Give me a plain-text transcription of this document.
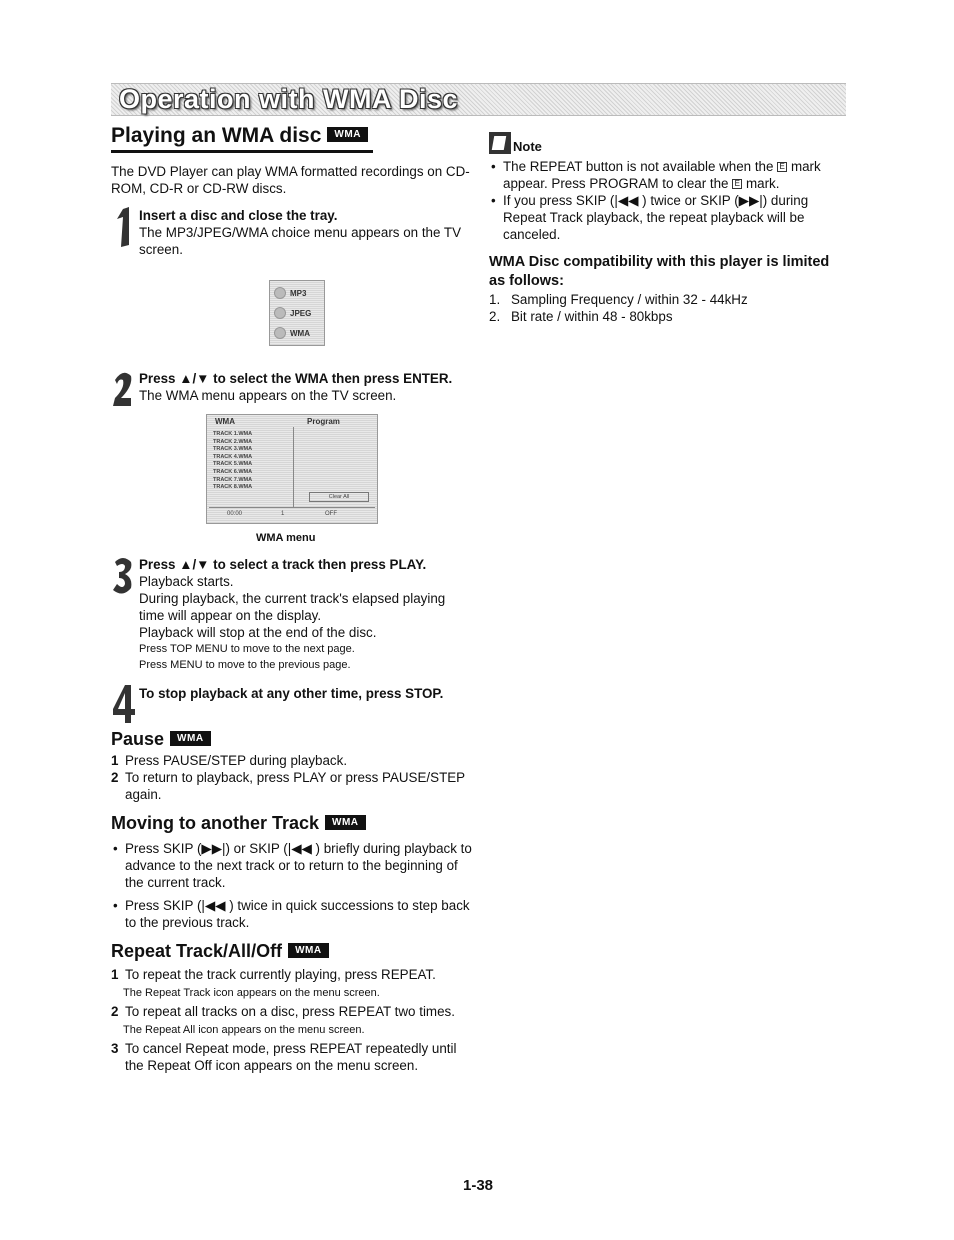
Operation with WMA Disc
Playing an WMA disc WMA

The DVD Player can play WMA formatted recordings on CD-ROM, CD-R or CD-RW discs.

Insert a disc and close the tray.

The MP3/JPEG/WMA choice menu appears on the TV screen.

MP3
JPEG
WMA

Press ▲/▼ to select the WMA then press ENTER.

The WMA menu appears on the TV screen.

WMA	Program
TRACK 1.WMA
TRACK 2.WMA
TRACK 3.WMA
TRACK 4.WMA
TRACK 5.WMA
TRACK 6.WMA
TRACK 7.WMA
TRACK 8.WMA
Clear All
00:00	1	OFF
WMA menu

Press ▲/▼ to select a track then press PLAY.

Playback starts.

During playback, the current track's elapsed playing time will appear on the display.

Playback will stop at the end of the disc.

Press TOP MENU to move to the next page.

Press MENU to move to the previous page.

To stop playback at any other time, press STOP.

Pause WMA
1 Press PAUSE/STEP during playback.
2 To return to playback, press PLAY or press PAUSE/STEP again.
Moving to another Track WMA
• Press SKIP (▶▶|) or SKIP (|◀◀ ) briefly during playback to advance to the next track or to return to the beginning of the current track.
• Press SKIP (|◀◀ ) twice in quick successions to step back to the previous track.
Repeat Track/All/Off WMA
1 To repeat the track currently playing, press REPEAT.
The Repeat Track icon appears on the menu screen.
2 To repeat all tracks on a disc, press REPEAT two times.
The Repeat All icon appears on the menu screen.
3 To cancel Repeat mode, press REPEAT repeatedly until the Repeat Off icon appears on the menu screen.
Note
• The REPEAT button is not available when the E mark appear. Press PROGRAM to clear the E mark.
• If you press SKIP (|◀◀ ) twice or SKIP (▶▶|) during Repeat Track playback, the repeat playback will be canceled.

WMA Disc compatibility with this player is limited as follows:

1. Sampling Frequency / within 32 - 44kHz
2. Bit rate / within 48 - 80kbps
1-38
